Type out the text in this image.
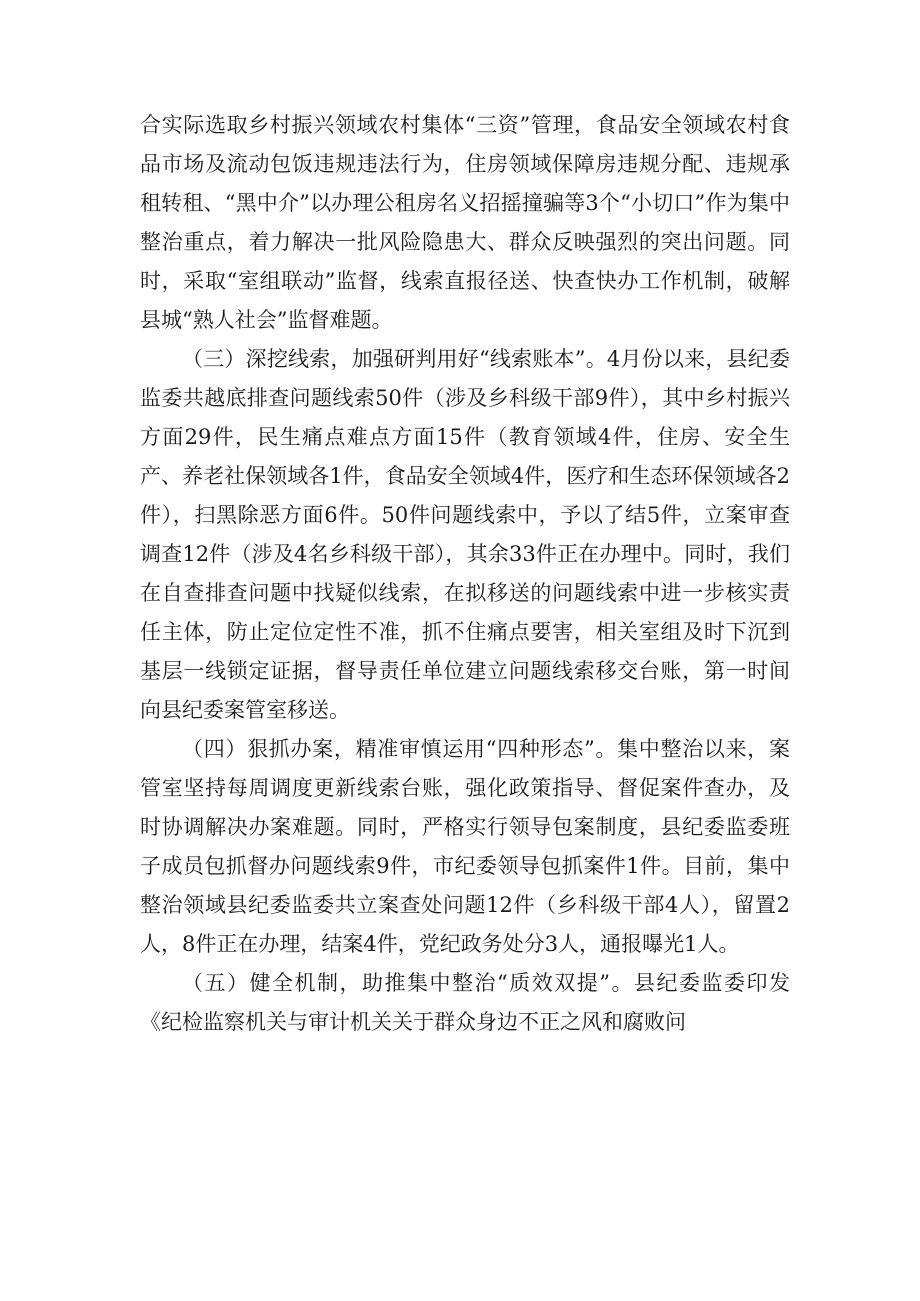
合实际选取乡村振兴领域农村集体“三资”管理，食品安全领域农村食品市场及流动包饭违规违法行为，住房领域保障房违规分配、违规承租转租、“黑中介”以办理公租房名义招摇撞骗等3个“小切口”作为集中整治重点，着力解决一批风险隐患大、群众反映强烈的突出问题。同时，采取“室组联动”监督，线索直报径送、快查快办工作机制，破解县城“熟人社会”监督难题。

（三）深挖线索，加强研判用好“线索账本”。4月份以来，县纪委监委共越底排查问题线索50件（涉及乡科级干部9件），其中乡村振兴方面29件，民生痛点难点方面15件（教育领域4件，住房、安全生产、养老社保领域各1件，食品安全领域4件，医疗和生态环保领域各2件），扫黑除恶方面6件。50件问题线索中，予以了结5件，立案审查调查12件（涉及4名乡科级干部），其余33件正在办理中。同时，我们在自查排查问题中找疑似线索，在拟移送的问题线索中进一步核实责任主体，防止定位定性不准，抓不住痛点要害，相关室组及时下沉到基层一线锁定证据，督导责任单位建立问题线索移交台账，第一时间向县纪委案管室移送。

（四）狠抓办案，精准审慎运用“四种形态”。集中整治以来，案管室坚持每周调度更新线索台账，强化政策指导、督促案件查办，及时协调解决办案难题。同时，严格实行领导包案制度，县纪委监委班子成员包抓督办问题线索9件，市纪委领导包抓案件1件。目前，集中整治领域县纪委监委共立案查处问题12件（乡科级干部4人），留置2人，8件正在办理，结案4件，党纪政务处分3人，通报曝光1人。

（五）健全机制，助推集中整治“质效双提”。县纪委监委印发《纪检监察机关与审计机关关于群众身边不正之风和腐败问
